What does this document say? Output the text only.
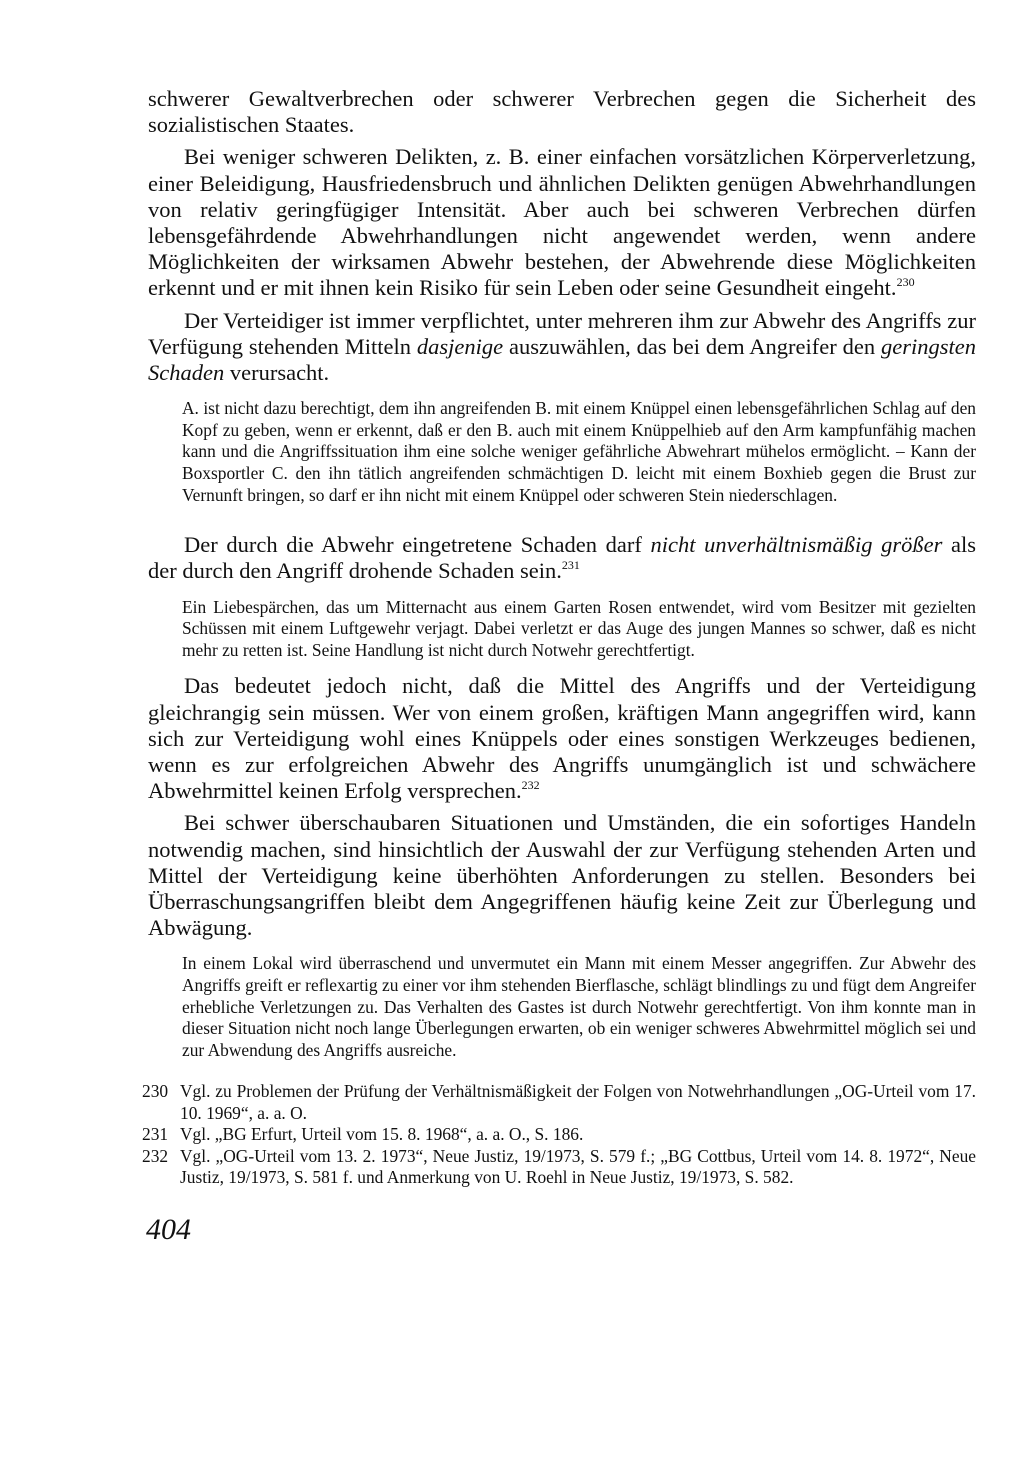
schwerer Gewaltverbrechen oder schwerer Verbrechen gegen die Sicherheit des sozialistischen Staates.

Bei weniger schweren Delikten, z. B. einer einfachen vorsätzlichen Körperverletzung, einer Beleidigung, Hausfriedensbruch und ähnlichen Delikten genügen Abwehrhandlungen von relativ geringfügiger Intensität. Aber auch bei schweren Verbrechen dürfen lebensgefährdende Abwehrhandlungen nicht angewendet werden, wenn andere Möglichkeiten der wirksamen Abwehr bestehen, der Abwehrende diese Möglichkeiten erkennt und er mit ihnen kein Risiko für sein Leben oder seine Gesundheit eingeht.$^{230}$

Der Verteidiger ist immer verpflichtet, unter mehreren ihm zur Abwehr des Angriffs zur Verfügung stehenden Mitteln dasjenige auszuwählen, das bei dem Angreifer den geringsten Schaden verursacht.

A. ist nicht dazu berechtigt, dem ihn angreifenden B. mit einem Knüppel einen lebensgefährlichen Schlag auf den Kopf zu geben, wenn er erkennt, daß er den B. auch mit einem Knüppelhieb auf den Arm kampfunfähig machen kann und die Angriffssituation ihm eine solche weniger gefährliche Abwehrart mühelos ermöglicht. – Kann der Boxsportler C. den ihn tätlich angreifenden schmächtigen D. leicht mit einem Boxhieb gegen die Brust zur Vernunft bringen, so darf er ihn nicht mit einem Knüppel oder schweren Stein niederschlagen.

Der durch die Abwehr eingetretene Schaden darf nicht unverhältnismäßig größer als der durch den Angriff drohende Schaden sein.$^{231}$

Ein Liebespärchen, das um Mitternacht aus einem Garten Rosen entwendet, wird vom Besitzer mit gezielten Schüssen mit einem Luftgewehr verjagt. Dabei verletzt er das Auge des jungen Mannes so schwer, daß es nicht mehr zu retten ist. Seine Handlung ist nicht durch Notwehr gerechtfertigt.

Das bedeutet jedoch nicht, daß die Mittel des Angriffs und der Verteidigung gleichrangig sein müssen. Wer von einem großen, kräftigen Mann angegriffen wird, kann sich zur Verteidigung wohl eines Knüppels oder eines sonstigen Werkzeuges bedienen, wenn es zur erfolgreichen Abwehr des Angriffs unumgänglich ist und schwächere Abwehrmittel keinen Erfolg versprechen.$^{232}$

Bei schwer überschaubaren Situationen und Umständen, die ein sofortiges Handeln notwendig machen, sind hinsichtlich der Auswahl der zur Verfügung stehenden Arten und Mittel der Verteidigung keine überhöhten Anforderungen zu stellen. Besonders bei Überraschungsangriffen bleibt dem Angegriffenen häufig keine Zeit zur Überlegung und Abwägung.

In einem Lokal wird überraschend und unvermutet ein Mann mit einem Messer angegriffen. Zur Abwehr des Angriffs greift er reflexartig zu einer vor ihm stehenden Bierflasche, schlägt blindlings zu und fügt dem Angreifer erhebliche Verletzungen zu. Das Verhalten des Gastes ist durch Notwehr gerechtfertigt. Von ihm konnte man in dieser Situation nicht noch lange Überlegungen erwarten, ob ein weniger schweres Abwehrmittel möglich sei und zur Abwendung des Angriffs ausreiche.

230 Vgl. zu Problemen der Prüfung der Verhältnismäßigkeit der Folgen von Notwehrhandlungen „OG-Urteil vom 17. 10. 1969“, a. a. O.
231 Vgl. „BG Erfurt, Urteil vom 15. 8. 1968“, a. a. O., S. 186.
232 Vgl. „OG-Urteil vom 13. 2. 1973“, Neue Justiz, 19/1973, S. 579 f.; „BG Cottbus, Urteil vom 14. 8. 1972“, Neue Justiz, 19/1973, S. 581 f. und Anmerkung von U. Roehl in Neue Justiz, 19/1973, S. 582.
404
